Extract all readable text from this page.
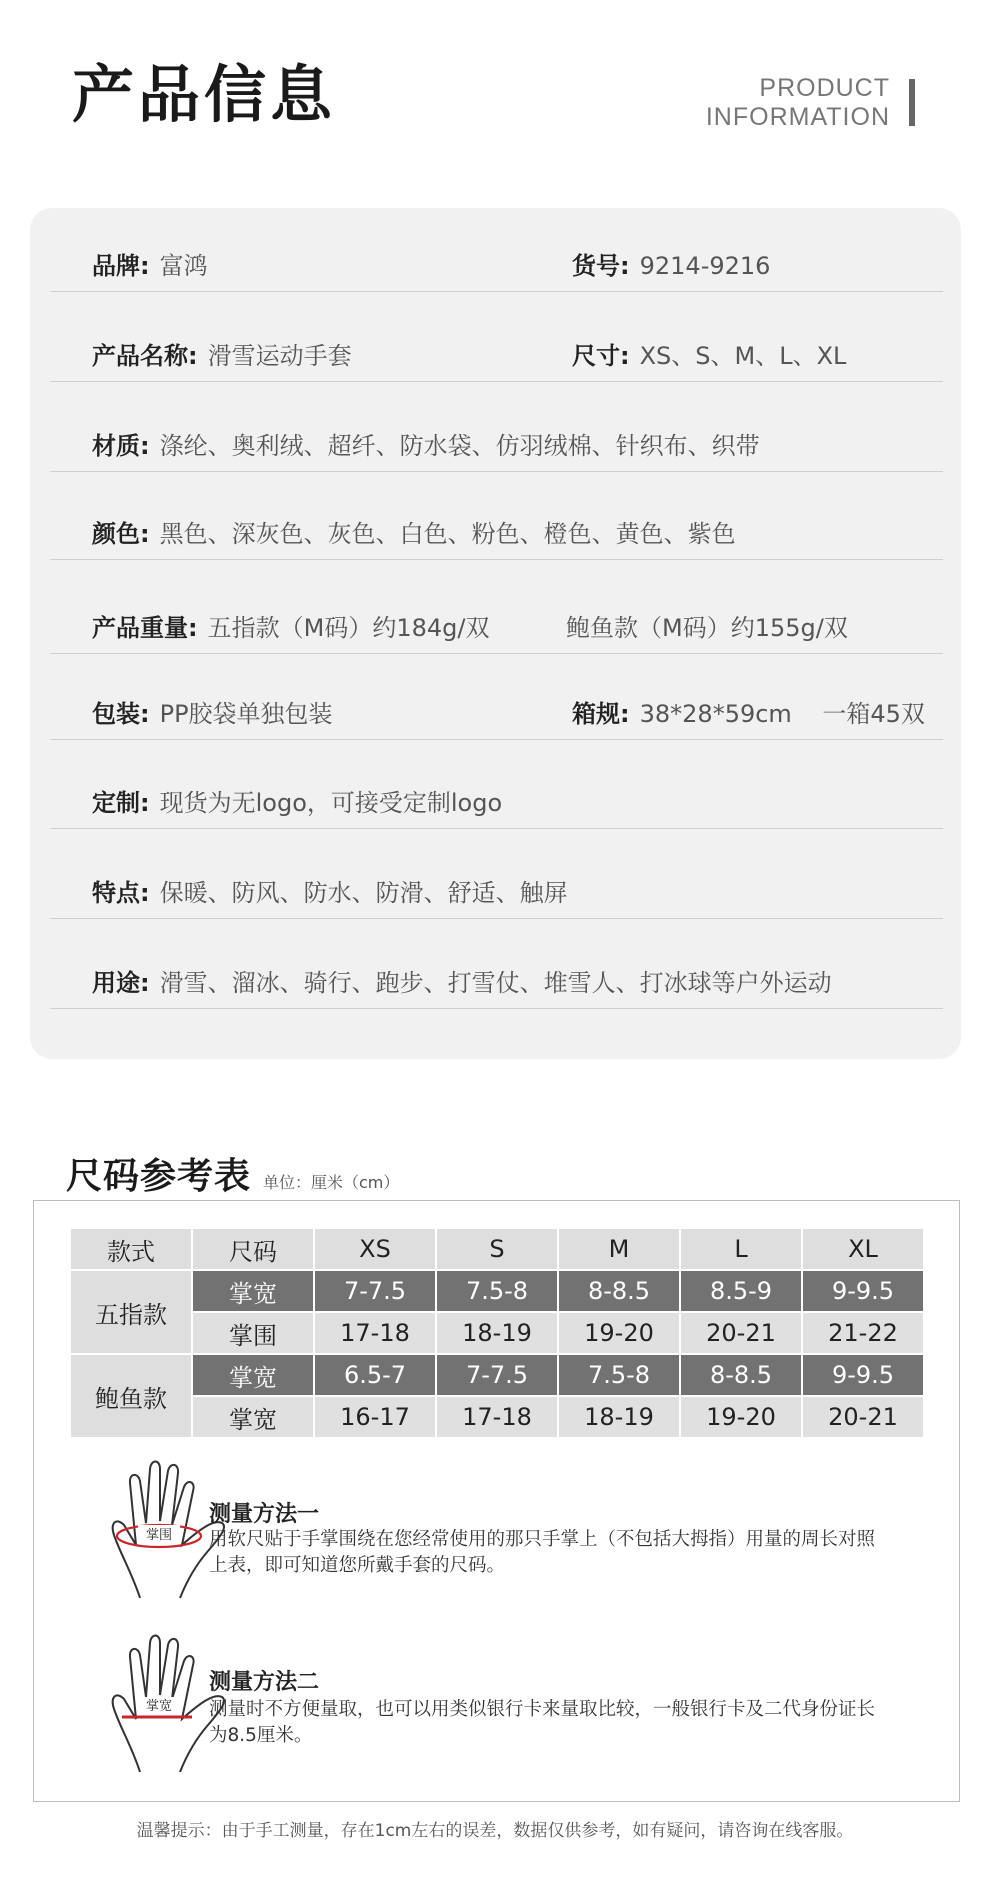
产品信息	PRODUCT
INFORMATION
品牌: 富鸿	货号: 9214-9216
产品名称: 滑雪运动手套	尺寸: XS、S、M、L、XL
材质: 涤纶、奥利绒、超纤、防水袋、仿羽绒棉、针织布、织带
颜色: 黑色、深灰色、灰色、白色、粉色、橙色、黄色、紫色
产品重量: 五指款（M码）约184g/双	鲍鱼款（M码）约155g/双
包装: PP胶袋单独包装	箱规: 38*28*59cm    一箱45双
定制: 现货为无logo，可接受定制logo
特点: 保暖、防风、防水、防滑、舒适、触屏
用途: 滑雪、溜冰、骑行、跑步、打雪仗、堆雪人、打冰球等户外运动
尺码参考表 单位：厘米（cm）
款式	尺码	XS	S	M	L	XL
五指款	掌宽	7-7.5	7.5-8	8-8.5	8.5-9	9-9.5
	掌围	17-18	18-19	19-20	20-21	21-22
鲍鱼款	掌宽	6.5-7	7-7.5	7.5-8	8-8.5	9-9.5
	掌宽	16-17	17-18	18-19	19-20	20-21
掌围
测量方法一
用软尺贴于手掌围绕在您经常使用的那只手掌上（不包括大拇指）用量的周长对照上表，即可知道您所戴手套的尺码。
掌宽
测量方法二
测量时不方便量取，也可以用类似银行卡来量取比较，一般银行卡及二代身份证长为8.5厘米。
温馨提示：由于手工测量，存在1cm左右的误差，数据仅供参考，如有疑问，请咨询在线客服。
